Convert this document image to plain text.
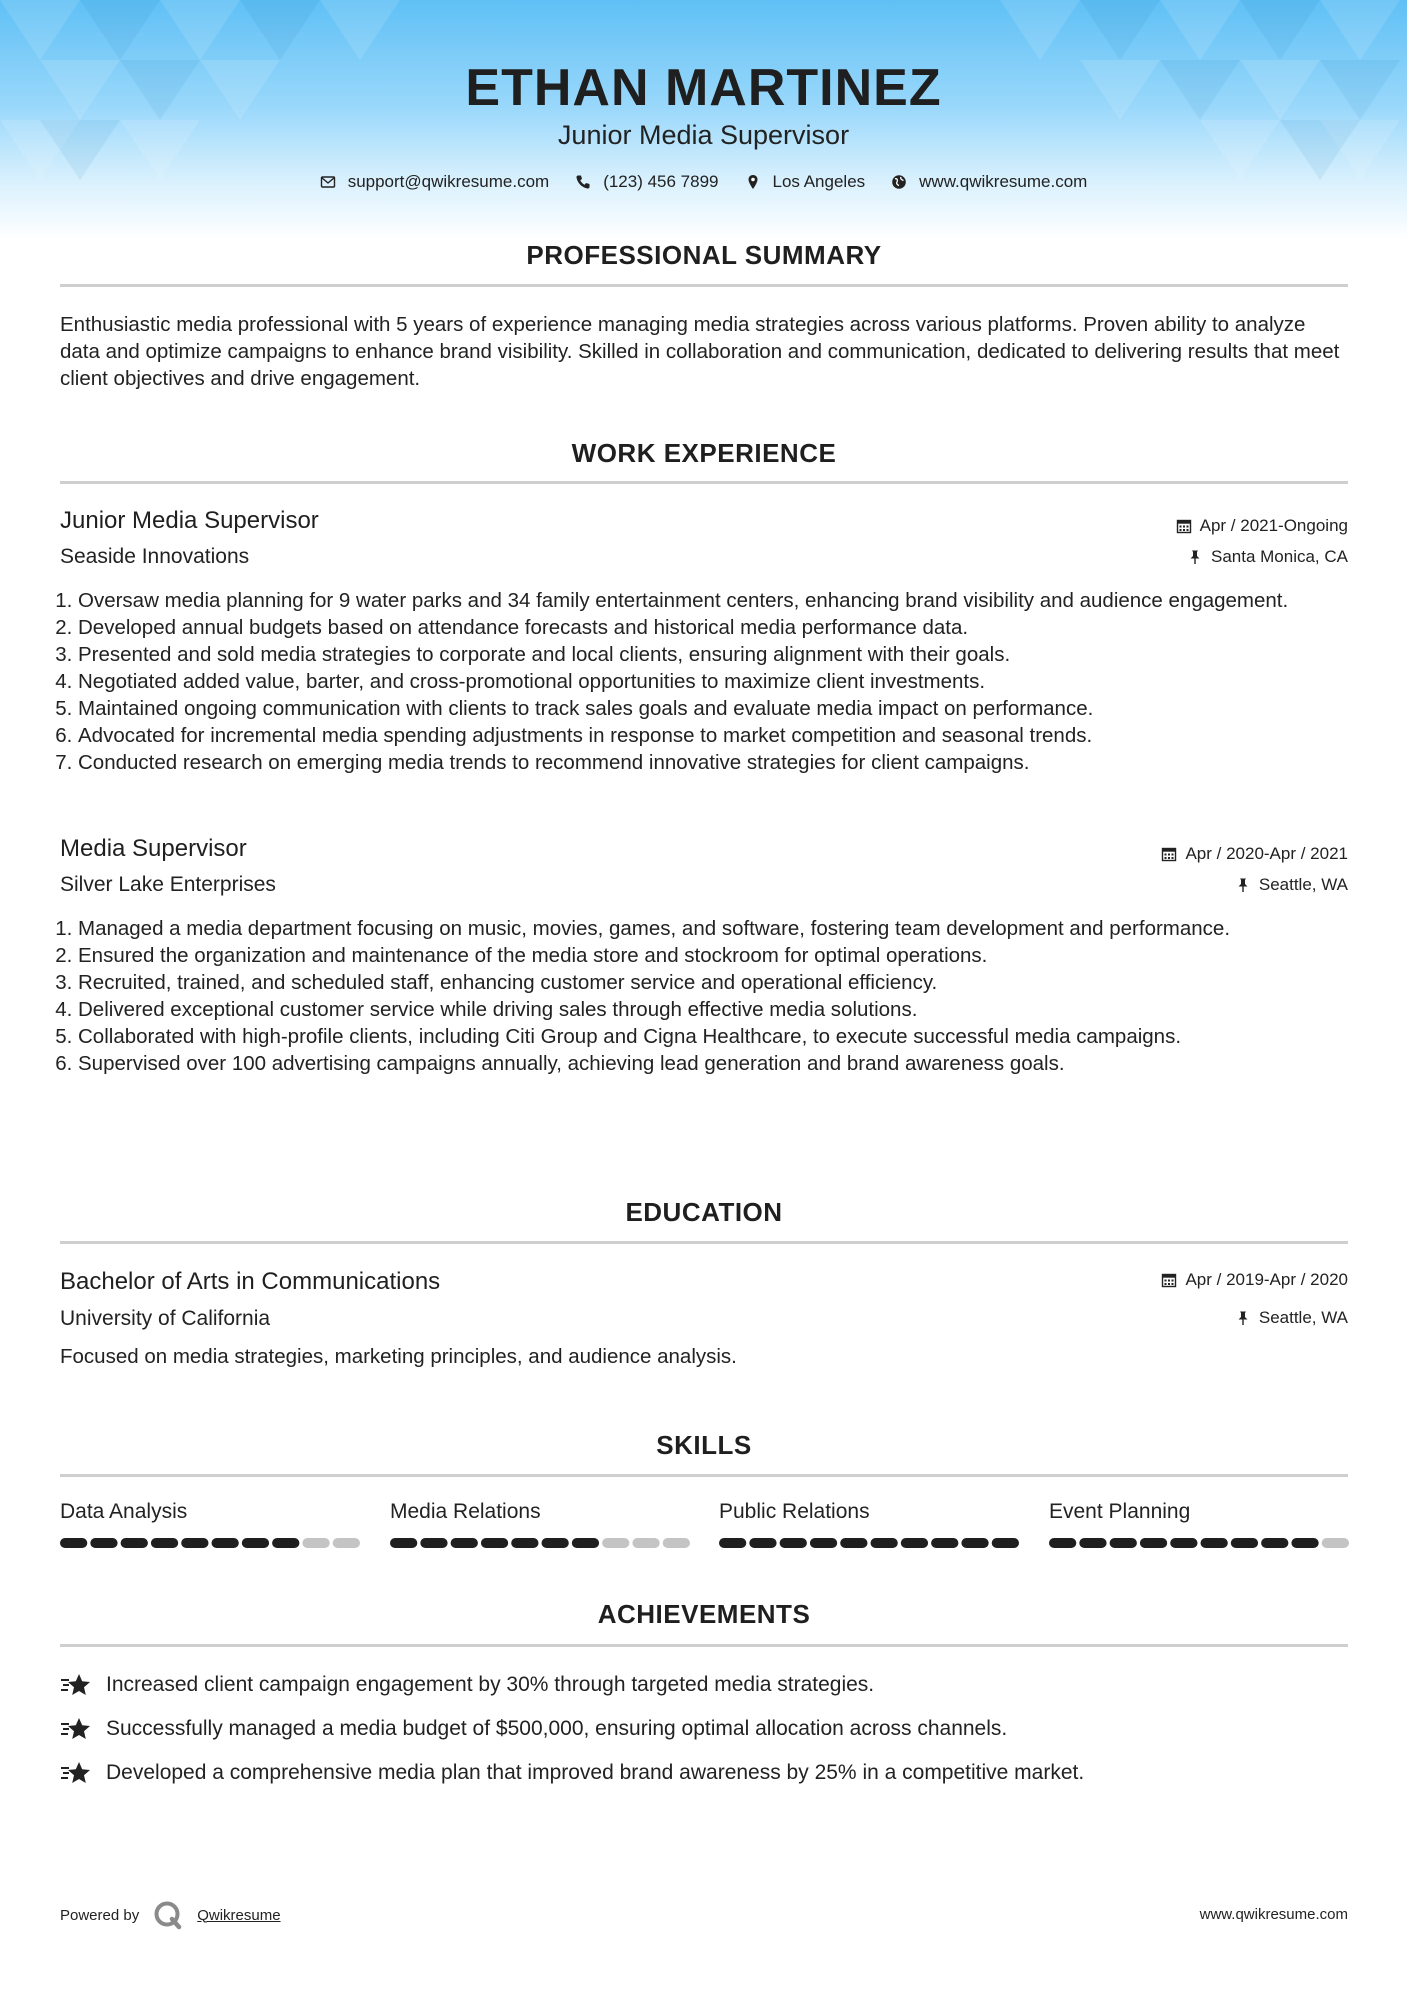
ETHAN MARTINEZ
Junior Media Supervisor
support@qwikresume.com	(123) 456 7899	Los Angeles	www.qwikresume.com
PROFESSIONAL SUMMARY
Enthusiastic media professional with 5 years of experience managing media strategies across various platforms. Proven ability to analyze data and optimize campaigns to enhance brand visibility. Skilled in collaboration and communication, dedicated to delivering results that meet client objectives and drive engagement.
WORK EXPERIENCE
Junior Media Supervisor
Seaside Innovations
Apr / 2021-Ongoing
Santa Monica, CA
1. Oversaw media planning for 9 water parks and 34 family entertainment centers, enhancing brand visibility and audience engagement.
2. Developed annual budgets based on attendance forecasts and historical media performance data.
3. Presented and sold media strategies to corporate and local clients, ensuring alignment with their goals.
4. Negotiated added value, barter, and cross-promotional opportunities to maximize client investments.
5. Maintained ongoing communication with clients to track sales goals and evaluate media impact on performance.
6. Advocated for incremental media spending adjustments in response to market competition and seasonal trends.
7. Conducted research on emerging media trends to recommend innovative strategies for client campaigns.
Media Supervisor
Silver Lake Enterprises
Apr / 2020-Apr / 2021
Seattle, WA
1. Managed a media department focusing on music, movies, games, and software, fostering team development and performance.
2. Ensured the organization and maintenance of the media store and stockroom for optimal operations.
3. Recruited, trained, and scheduled staff, enhancing customer service and operational efficiency.
4. Delivered exceptional customer service while driving sales through effective media solutions.
5. Collaborated with high-profile clients, including Citi Group and Cigna Healthcare, to execute successful media campaigns.
6. Supervised over 100 advertising campaigns annually, achieving lead generation and brand awareness goals.
EDUCATION
Bachelor of Arts in Communications
University of California
Apr / 2019-Apr / 2020
Seattle, WA
Focused on media strategies, marketing principles, and audience analysis.
SKILLS
Data Analysis	Media Relations	Public Relations	Event Planning
ACHIEVEMENTS
Increased client campaign engagement by 30% through targeted media strategies.
Successfully managed a media budget of $500,000, ensuring optimal allocation across channels.
Developed a comprehensive media plan that improved brand awareness by 25% in a competitive market.
Powered by	Qwikresume	www.qwikresume.com
